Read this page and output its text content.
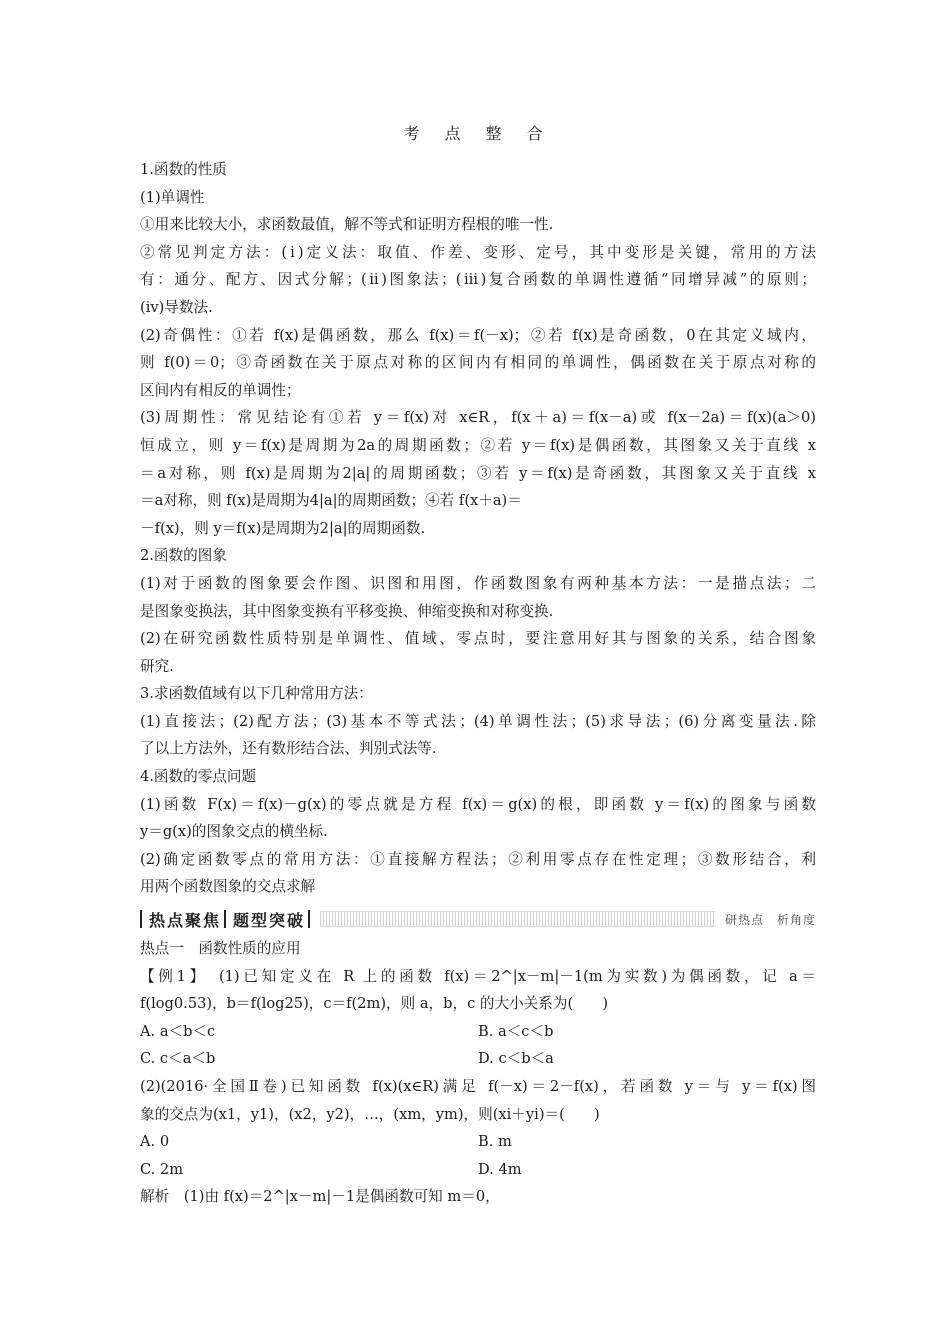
考 点 整 合
1.函数的性质
(1)单调性
①用来比较大小，求函数最值，解不等式和证明方程根的唯一性.
②常见判定方法：(ⅰ)定义法：取值、作差、变形、定号，其中变形是关键，常用的方法
有：通分、配方、因式分解；(ⅱ)图象法；(ⅲ)复合函数的单调性遵循“同增异减”的原则；
(ⅳ)导数法.
(2)奇偶性：①若 f(x)是偶函数，那么 f(x)＝f(－x)；②若 f(x)是奇函数，0在其定义域内，
则 f(0)＝0；③奇函数在关于原点对称的区间内有相同的单调性，偶函数在关于原点对称的
区间内有相反的单调性；
(3)周期性：常见结论有①若 y＝f(x)对 x∈R，f(x＋a)＝f(x－a)或 f(x－2a)＝f(x)(a＞0)
恒成立，则 y＝f(x)是周期为2a的周期函数；②若 y＝f(x)是偶函数，其图象又关于直线 x
＝a对称，则 f(x)是周期为2|a|的周期函数；③若 y＝f(x)是奇函数，其图象又关于直线 x
＝a对称，则 f(x)是周期为4|a|的周期函数；④若 f(x＋a)＝
－f(x)，则 y＝f(x)是周期为2|a|的周期函数.
2.函数的图象
(1)对于函数的图象要会作图、识图和用图，作函数图象有两种基本方法：一是描点法；二
是图象变换法，其中图象变换有平移变换、伸缩变换和对称变换.
(2)在研究函数性质特别是单调性、值域、零点时，要注意用好其与图象的关系，结合图象
研究.
3.求函数值域有以下几种常用方法：
(1)直接法；(2)配方法；(3)基本不等式法；(4)单调性法；(5)求导法；(6)分离变量法.除
了以上方法外，还有数形结合法、判别式法等.
4.函数的零点问题
(1)函数 F(x)＝f(x)－g(x)的零点就是方程 f(x)＝g(x)的根，即函数 y＝f(x)的图象与函数
y＝g(x)的图象交点的横坐标.
(2)确定函数零点的常用方法：①直接解方程法；②利用零点存在性定理；③数形结合，利
用两个函数图象的交点求解
热点聚焦 题型突破	研热点　析角度
热点一　函数性质的应用
【例1】　(1)已知定义在 R 上的函数 f(x)＝2^|x－m|－1(m为实数)为偶函数，记 a＝
f(log0.53)，b＝f(log25)，c＝f(2m)，则 a，b，c 的大小关系为(　　)
A. a＜b＜c	B. a＜c＜b
C. c＜a＜b	D. c＜b＜a
(2)(2016·全国Ⅱ卷)已知函数 f(x)(x∈R)满足 f(－x)＝2－f(x)，若函数 y＝与 y＝f(x)图
象的交点为(x1，y1)，(x2，y2)，…，(xm，ym)，则(xi＋yi)＝(　　)
A. 0	B. m
C. 2m	D. 4m
解析　(1)由 f(x)＝2^|x－m|－1是偶函数可知 m＝0，
